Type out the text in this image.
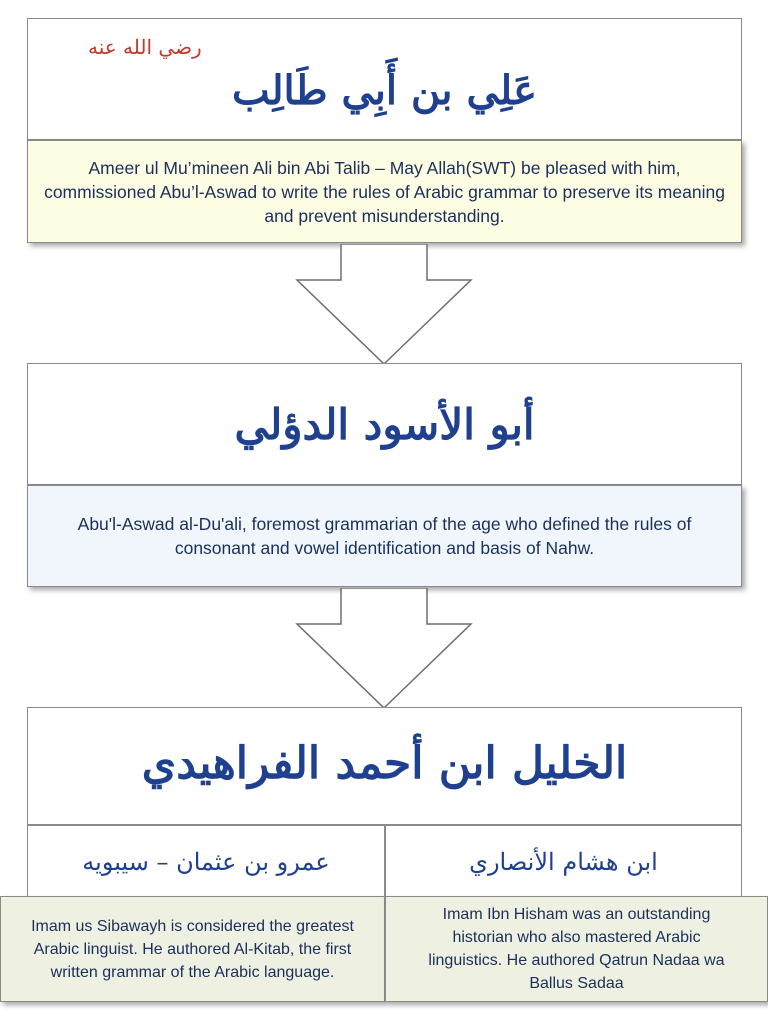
رضي الله عنه
عَلِي بن أَبِي طَالِب
Ameer ul Mu’mineen Ali bin Abi Talib – May Allah(SWT) be pleased with him, commissioned Abu’l-Aswad to write the rules of Arabic grammar to preserve its meaning and prevent misunderstanding.
أبو الأسود الدؤلي
Abu'l-Aswad al-Du'ali, foremost grammarian of the age who defined the rules of consonant and vowel identification and basis of Nahw.
الخليل ابن أحمد الفراهيدي
عمرو بن عثمان – سيبويه
Imam us Sibawayh is considered the greatest Arabic linguist. He authored Al-Kitab, the first written grammar of the Arabic language.
ابن هشام الأنصاري
Imam Ibn Hisham was an outstanding historian who also mastered Arabic linguistics. He authored Qatrun Nadaa wa Ballus Sadaa
